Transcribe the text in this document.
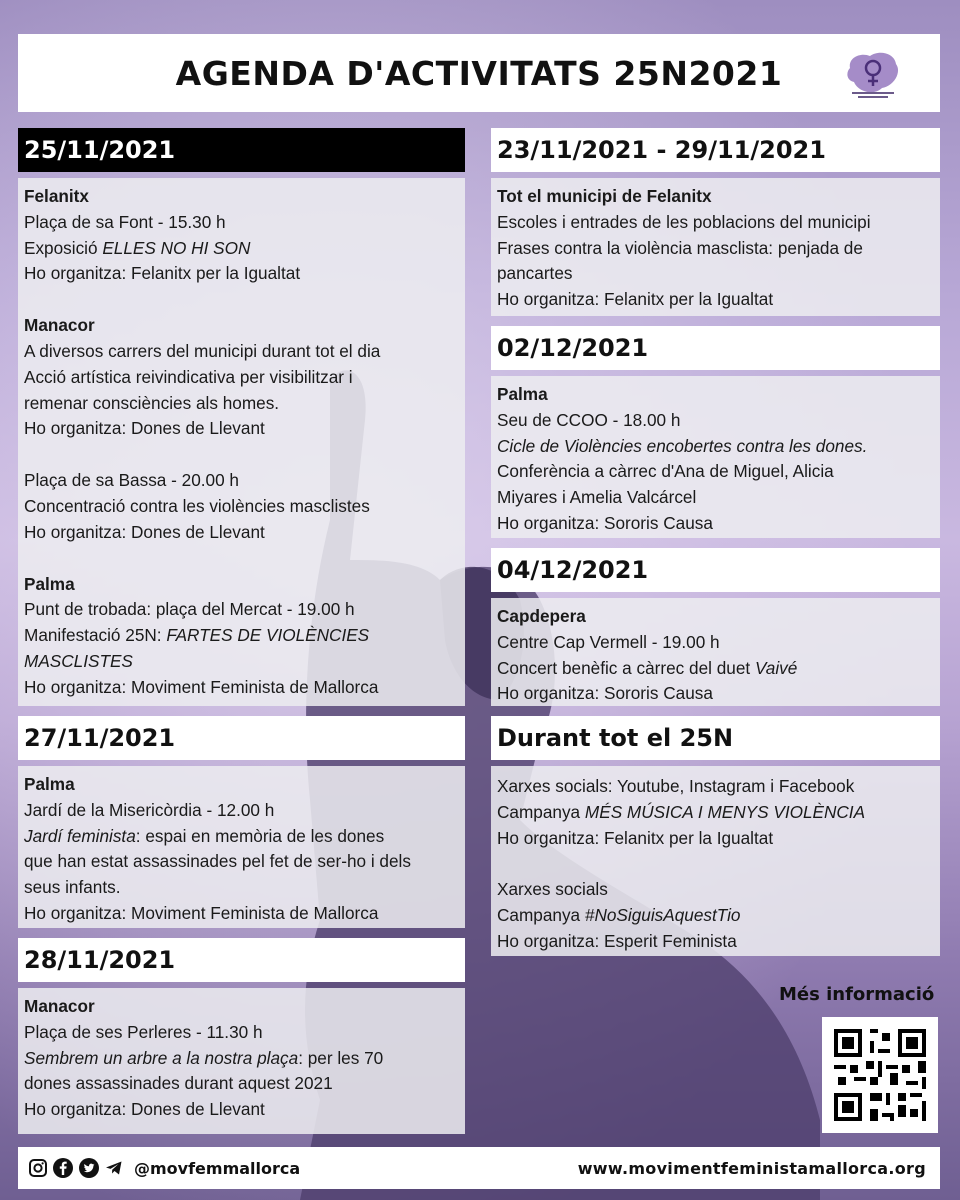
AGENDA D'ACTIVITATS 25N2021
25/11/2021
Felanitx
Plaça de sa Font - 15.30 h
Exposició ELLES NO HI SON
Ho organitza: Felanitx per la Igualtat
Manacor
A diversos carrers del municipi durant tot el dia
Acció artística reivindicativa per visibilitzar i
remenar consciències als homes.
Ho organitza: Dones de Llevant
Plaça de sa Bassa - 20.00 h
Concentració contra les violències masclistes
Ho organitza: Dones de Llevant
Palma
Punt de trobada: plaça del Mercat - 19.00 h
Manifestació 25N: FARTES DE VIOLÈNCIES
MASCLISTES
Ho organitza: Moviment Feminista de Mallorca
27/11/2021
Palma
Jardí de la Misericòrdia - 12.00 h
Jardí feminista: espai en memòria de les dones
que han estat assassinades pel fet de ser-ho i dels
seus infants.
Ho organitza: Moviment Feminista de Mallorca
28/11/2021
Manacor
Plaça de ses Perleres - 11.30 h
Sembrem un arbre a la nostra plaça: per les 70
dones assassinades durant aquest 2021
Ho organitza: Dones de Llevant
23/11/2021 - 29/11/2021
Tot el municipi de Felanitx
Escoles i entrades de les poblacions del municipi
Frases contra la violència masclista: penjada de
pancartes
Ho organitza: Felanitx per la Igualtat
02/12/2021
Palma
Seu de CCOO - 18.00 h
Cicle de Violències encobertes contra les dones.
Conferència a càrrec d'Ana de Miguel, Alicia
Miyares i Amelia Valcárcel
Ho organitza: Sororis Causa
04/12/2021
Capdepera
Centre Cap Vermell - 19.00 h
Concert benèfic a càrrec del duet Vaivé
Ho organitza: Sororis Causa
Durant tot el 25N
Xarxes socials: Youtube, Instagram i Facebook
Campanya MÉS MÚSICA I MENYS VIOLÈNCIA
Ho organitza: Felanitx per la Igualtat
Xarxes socials
Campanya #NoSiguisAquestTio
Ho organitza: Esperit Feminista
Més informació
@movfemmallorca	www.movimentfeministamallorca.org
